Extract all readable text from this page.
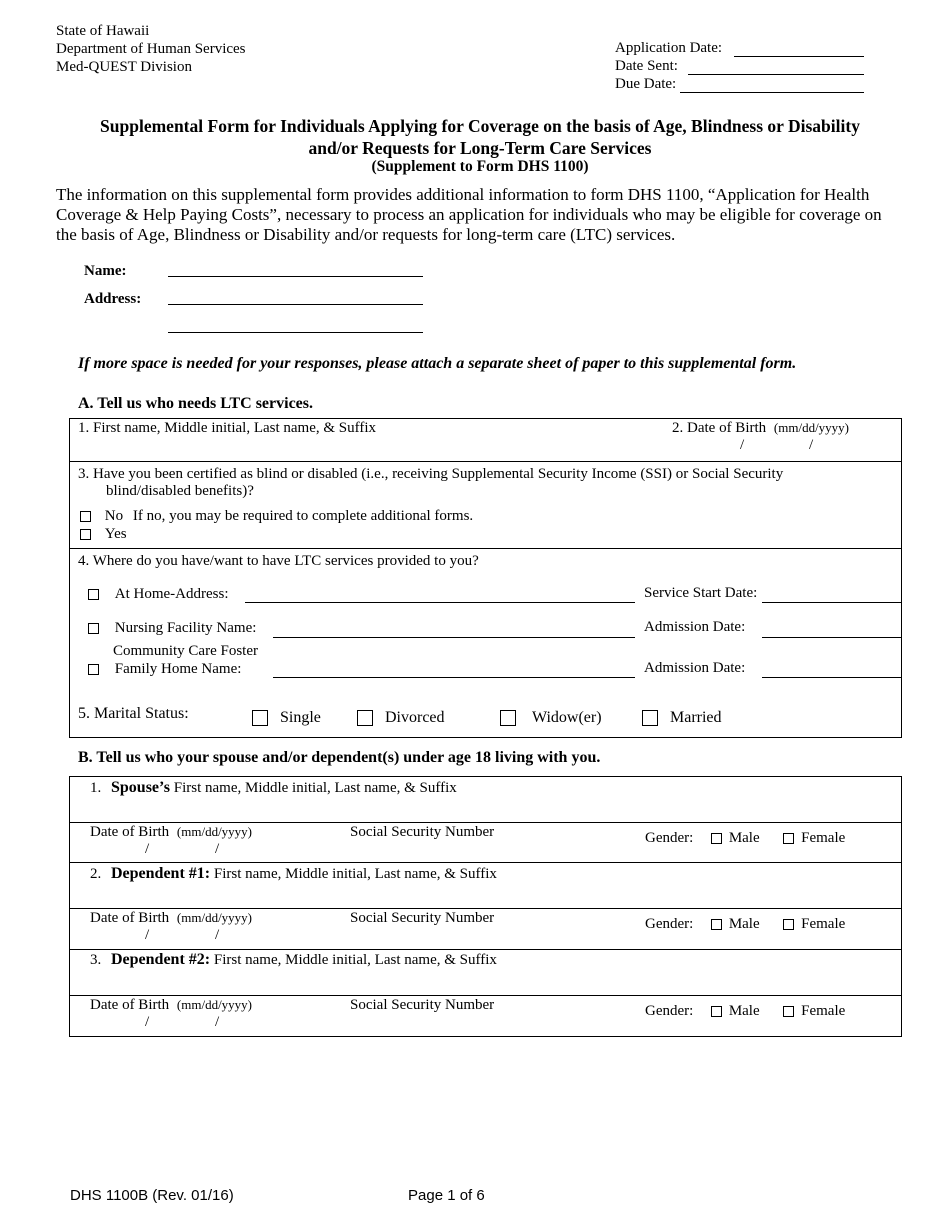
State of Hawaii
Department of Human Services
Med-QUEST Division
Application Date:
Date Sent:
Due Date:
Supplemental Form for Individuals Applying for Coverage on the basis of Age, Blindness or Disability
and/or Requests for Long-Term Care Services
(Supplement to Form DHS 1100)
The information on this supplemental form provides additional information to form DHS 1100, “Application for Health
Coverage & Help Paying Costs”, necessary to process an application for individuals who may be eligible for coverage on
the basis of Age, Blindness or Disability and/or requests for long-term care (LTC) services.
Name:
Address:
If more space is needed for your responses, please attach a separate sheet of paper to this supplemental form.
A. Tell us who needs LTC services.
1. First name, Middle initial, Last name, & Suffix	2. Date of Birth (mm/dd/yyyy)
/	/
3. Have you been certified as blind or disabled (i.e., receiving Supplemental Security Income (SSI) or Social Security
blind/disabled benefits)?
No If no, you may be required to complete additional forms.
Yes
4. Where do you have/want to have LTC services provided to you?
At Home-Address:	Service Start Date:
Nursing Facility Name:	Admission Date:
Community Care Foster
Family Home Name:	Admission Date:
5. Marital Status:	Single	Divorced	Widow(er)	Married
B. Tell us who your spouse and/or dependent(s) under age 18 living with you.
1. Spouse’s First name, Middle initial, Last name, & Suffix
Date of Birth (mm/dd/yyyy)
/	/
Social Security Number	Gender: Male	Female
2. Dependent #1: First name, Middle initial, Last name, & Suffix
Date of Birth (mm/dd/yyyy)
/	/
Social Security Number	Gender: Male	Female
3. Dependent #2: First name, Middle initial, Last name, & Suffix
Date of Birth (mm/dd/yyyy)
/	/
Social Security Number	Gender: Male	Female
DHS 1100B (Rev. 01/16)	Page 1 of 6
